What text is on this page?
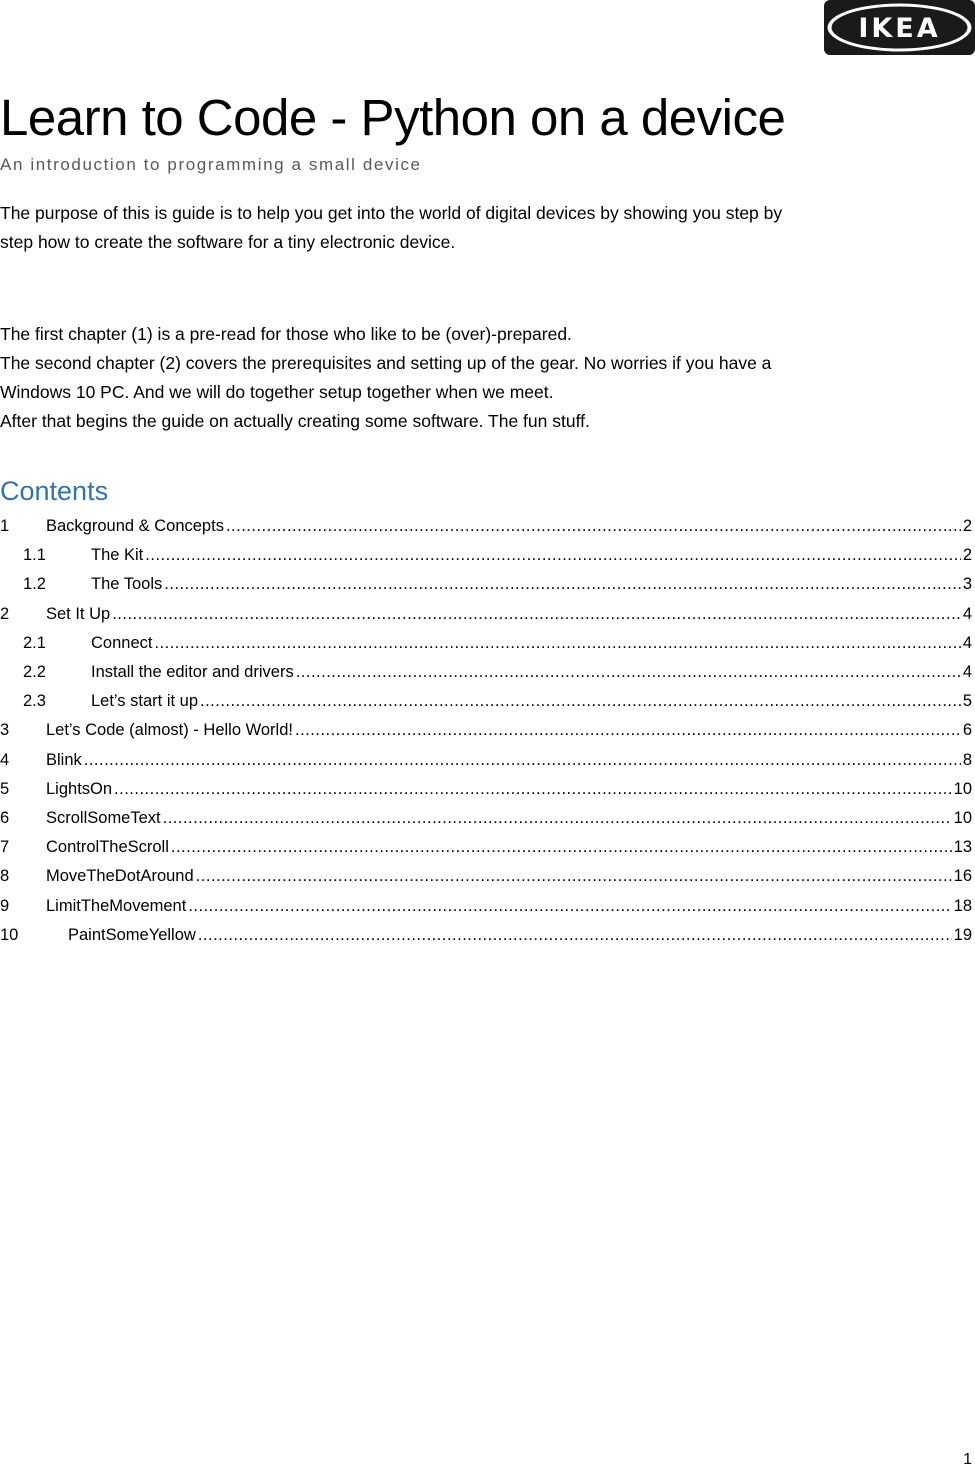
IKEA
Learn to Code - Python on a device

An introduction to programming a small device

The purpose of this is guide is to help you get into the world of digital devices by showing you step by
step how to create the software for a tiny electronic device.

The first chapter (1) is a pre-read for those who like to be (over)-prepared.
The second chapter (2) covers the prerequisites and setting up of the gear. No worries if you have a
Windows 10 PC. And we will do together setup together when we meet.
After that begins the guide on actually creating some software. The fun stuff.

Contents
1	Background & Concepts .....	2
1.1	The Kit .....	2
1.2	The Tools .....	3
2	Set It Up .....	4
2.1	Connect .....	4
2.2	Install the editor and drivers .....	4
2.3	Let’s start it up .....	5
3	Let’s Code (almost) - Hello World! .....	6
4	Blink .....	8
5	LightsOn .....	10
6	ScrollSomeText .....	10
7	ControlTheScroll .....	13
8	MoveTheDotAround .....	16
9	LimitTheMovement .....	18
10	PaintSomeYellow .....	19

1
